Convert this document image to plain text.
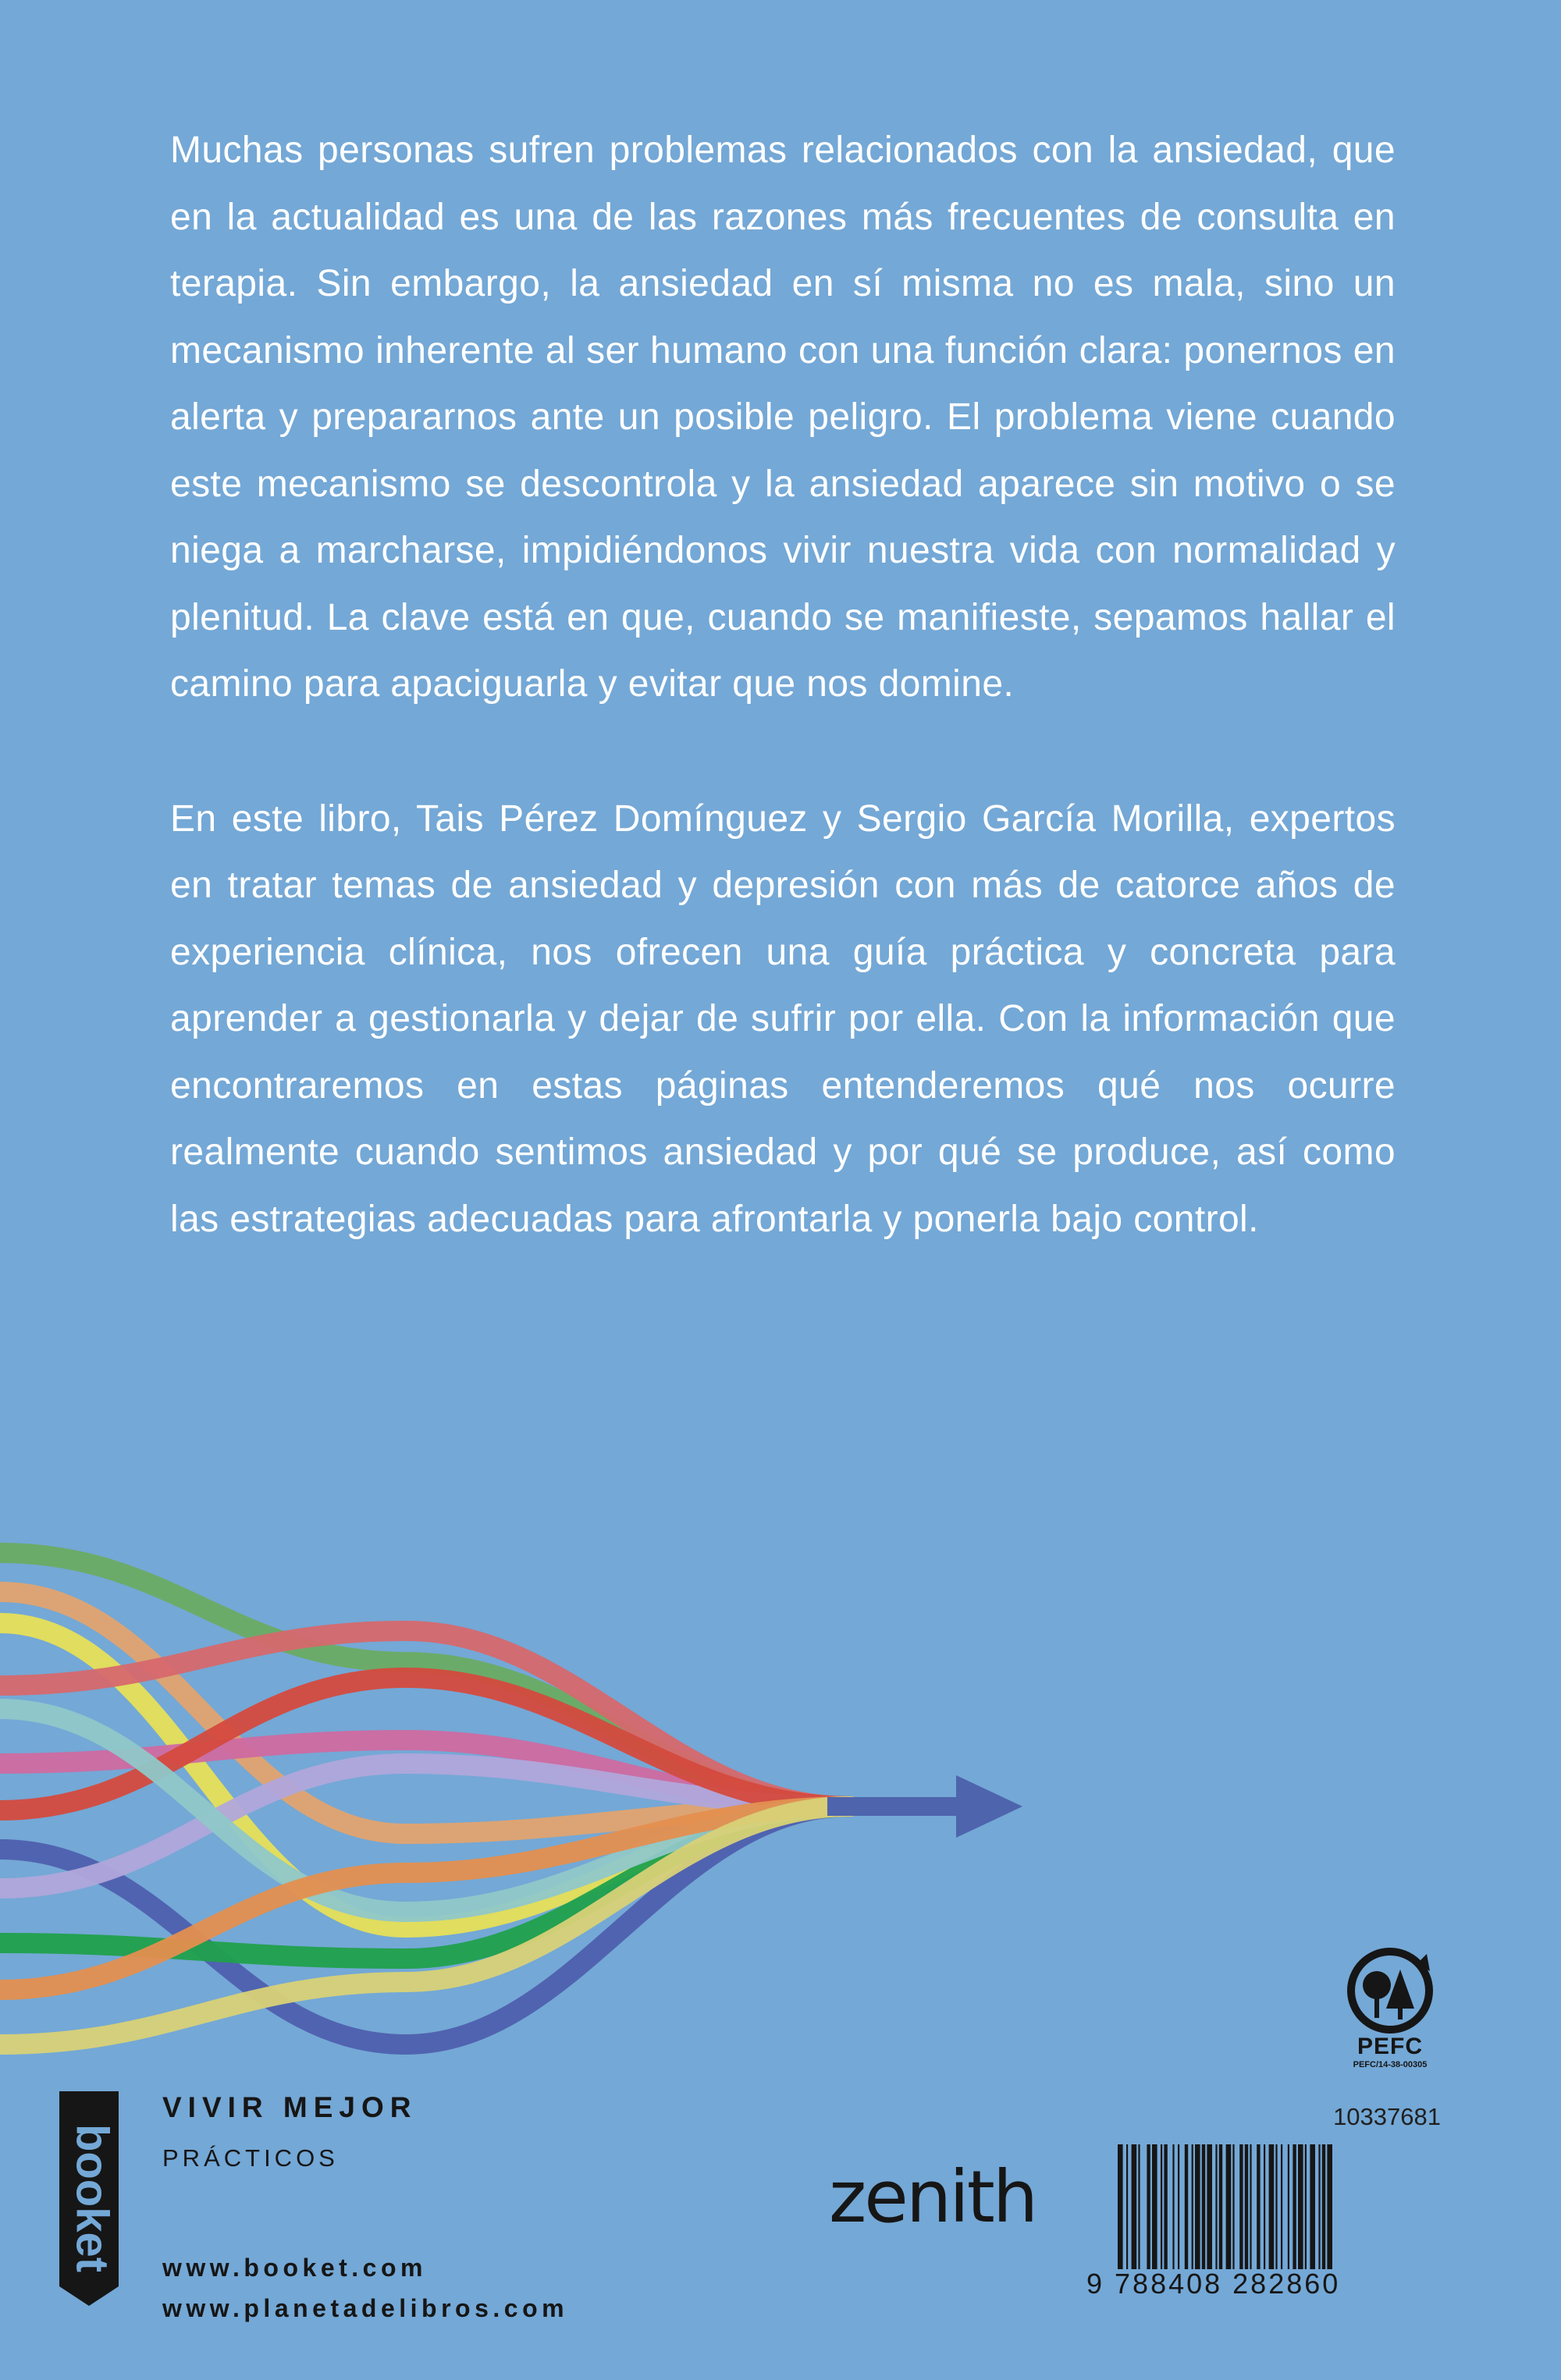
Muchas personas sufren problemas relacionados con la ansiedad, que en la actualidad es una de las razones más frecuentes de consulta en terapia. Sin embargo, la ansiedad en sí misma no es mala, sino un mecanismo inherente al ser humano con una función clara: ponernos en alerta y prepararnos ante un posible peligro. El problema viene cuando este mecanismo se descontrola y la ansiedad aparece sin motivo o se niega a marcharse, impidiéndonos vivir nuestra vida con normalidad y plenitud. La clave está en que, cuando se manifieste, sepamos hallar el camino para apaciguarla y evitar que nos domine.

En este libro, Tais Pérez Domínguez y Sergio García Morilla, expertos en tratar temas de ansiedad y depresión con más de catorce años de experiencia clínica, nos ofrecen una guía práctica y concreta para aprender a gestionarla y dejar de sufrir por ella. Con la información que encontraremos en estas páginas entenderemos qué nos ocurre realmente cuando sentimos ansiedad y por qué se produce, así como las estrategias adecuadas para afrontarla y ponerla bajo control.

booket
VIVIR MEJOR
PRÁCTICOS
www.booket.com
www.planetadelibros.com
zenith
PEFC
PEFC/14-38-00305
10337681
9 788408 282860
